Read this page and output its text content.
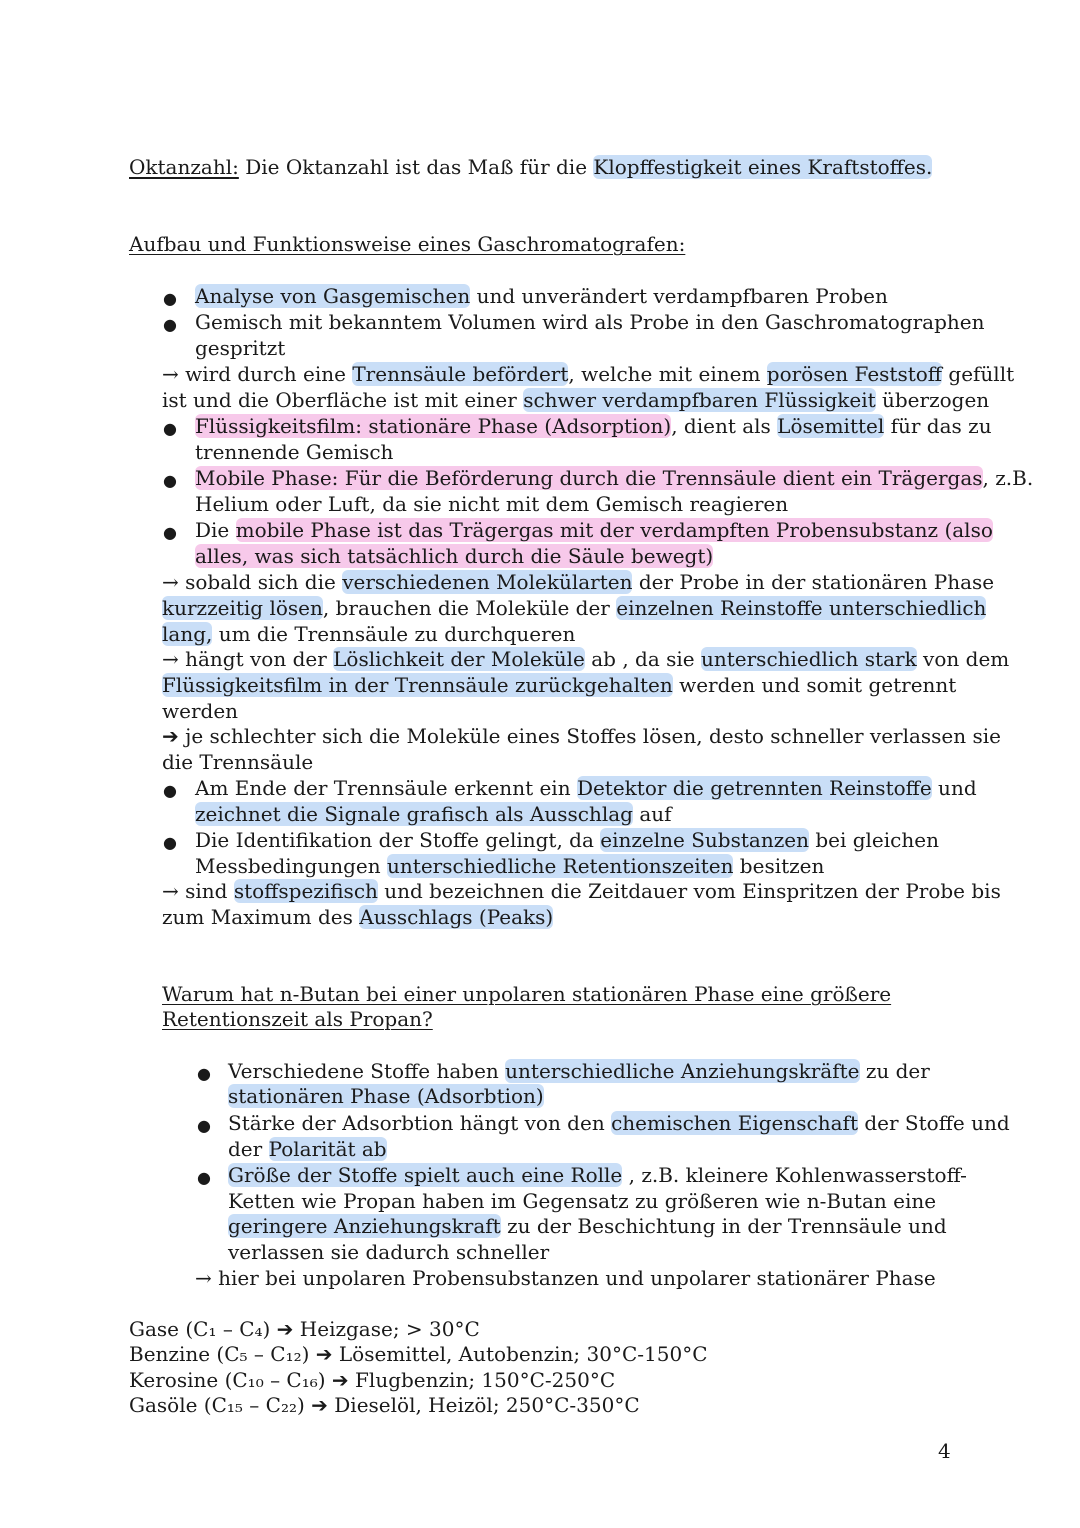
Oktanzahl: Die Oktanzahl ist das Maß für die Klopffestigkeit eines Kraftstoffes.

Aufbau und Funktionsweise eines Gaschromatografen:

● Analyse von Gasgemischen und unverändert verdampfbaren Proben

● Gemisch mit bekanntem Volumen wird als Probe in den Gaschromatographen

gespritzt

→ wird durch eine Trennsäule befördert, welche mit einem porösen Feststoff gefüllt

ist und die Oberfläche ist mit einer schwer verdampfbaren Flüssigkeit überzogen

● Flüssigkeitsfilm: stationäre Phase (Adsorption), dient als Lösemittel für das zu

trennende Gemisch

● Mobile Phase: Für die Beförderung durch die Trennsäule dient ein Trägergas, z.B.

Helium oder Luft, da sie nicht mit dem Gemisch reagieren

● Die mobile Phase ist das Trägergas mit der verdampften Probensubstanz (also

alles, was sich tatsächlich durch die Säule bewegt)

→ sobald sich die verschiedenen Molekülarten der Probe in der stationären Phase

kurzzeitig lösen, brauchen die Moleküle der einzelnen Reinstoffe unterschiedlich

lang, um die Trennsäule zu durchqueren

→ hängt von der Löslichkeit der Moleküle ab , da sie unterschiedlich stark von dem

Flüssigkeitsfilm in der Trennsäule zurückgehalten werden und somit getrennt

werden

➔ je schlechter sich die Moleküle eines Stoffes lösen, desto schneller verlassen sie

die Trennsäule

● Am Ende der Trennsäule erkennt ein Detektor die getrennten Reinstoffe und

zeichnet die Signale grafisch als Ausschlag auf

● Die Identifikation der Stoffe gelingt, da einzelne Substanzen bei gleichen

Messbedingungen unterschiedliche Retentionszeiten besitzen

→ sind stoffspezifisch und bezeichnen die Zeitdauer vom Einspritzen der Probe bis

zum Maximum des Ausschlags (Peaks)

Warum hat n-Butan bei einer unpolaren stationären Phase eine größere

Retentionszeit als Propan?

● Verschiedene Stoffe haben unterschiedliche Anziehungskräfte zu der

stationären Phase (Adsorbtion)

● Stärke der Adsorbtion hängt von den chemischen Eigenschaft der Stoffe und

der Polarität ab

● Größe der Stoffe spielt auch eine Rolle , z.B. kleinere Kohlenwasserstoff-

Ketten wie Propan haben im Gegensatz zu größeren wie n-Butan eine

geringere Anziehungskraft zu der Beschichtung in der Trennsäule und

verlassen sie dadurch schneller

→ hier bei unpolaren Probensubstanzen und unpolarer stationärer Phase

Gase (C₁ – C₄) ➔ Heizgase; > 30°C

Benzine (C₅ – C₁₂) ➔ Lösemittel, Autobenzin; 30°C-150°C

Kerosine (C₁₀ – C₁₆) ➔ Flugbenzin; 150°C-250°C

Gasöle (C₁₅ – C₂₂) ➔ Dieselöl, Heizöl; 250°C-350°C

4
